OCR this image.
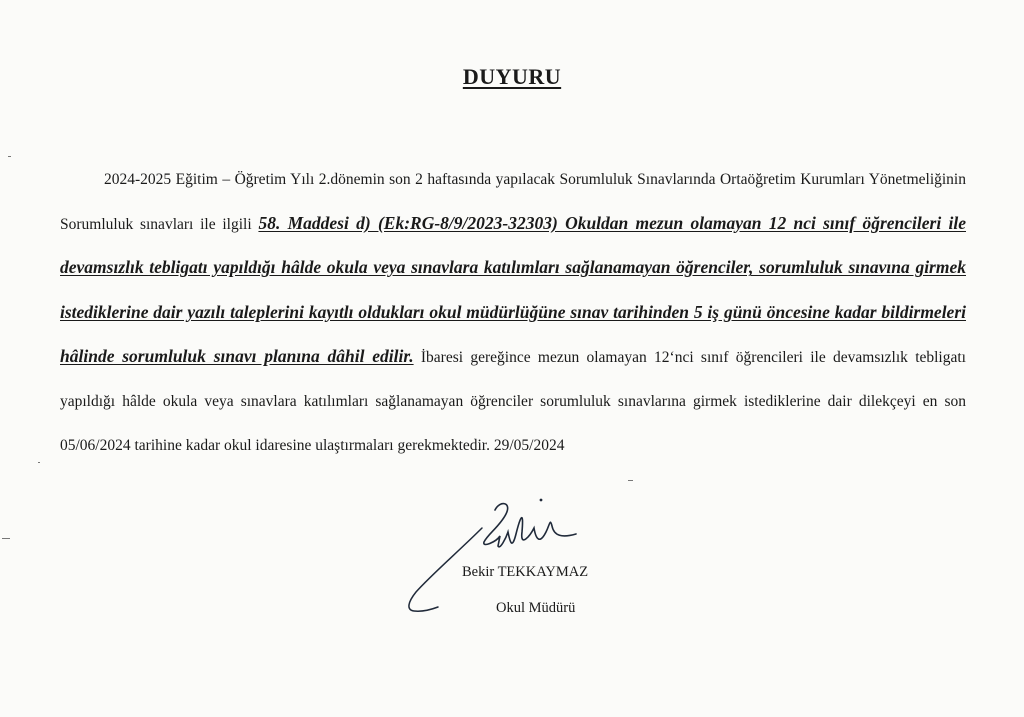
DUYURU
2024-2025 Eğitim – Öğretim Yılı 2.dönemin son 2 haftasında yapılacak Sorumluluk Sınavlarında Ortaöğretim Kurumları Yönetmeliğinin Sorumluluk sınavları ile ilgili 58. Maddesi d) (Ek:RG-8/9/2023-32303) Okuldan mezun olamayan 12 nci sınıf öğrencileri ile devamsızlık tebligatı yapıldığı hâlde okula veya sınavlara katılımları sağlanamayan öğrenciler, sorumluluk sınavına girmek istediklerine dair yazılı taleplerini kayıtlı oldukları okul müdürlüğüne sınav tarihinden 5 iş günü öncesine kadar bildirmeleri hâlinde sorumluluk sınavı planına dâhil edilir. İbaresi gereğince mezun olamayan 12‘nci sınıf öğrencileri ile devamsızlık tebligatı yapıldığı hâlde okula veya sınavlara katılımları sağlanamayan öğrenciler sorumluluk sınavlarına girmek istediklerine dair dilekçeyi en son 05/06/2024 tarihine kadar okul idaresine ulaştırmaları gerekmektedir. 29/05/2024
Bekir TEKKAYMAZ
Okul Müdürü
